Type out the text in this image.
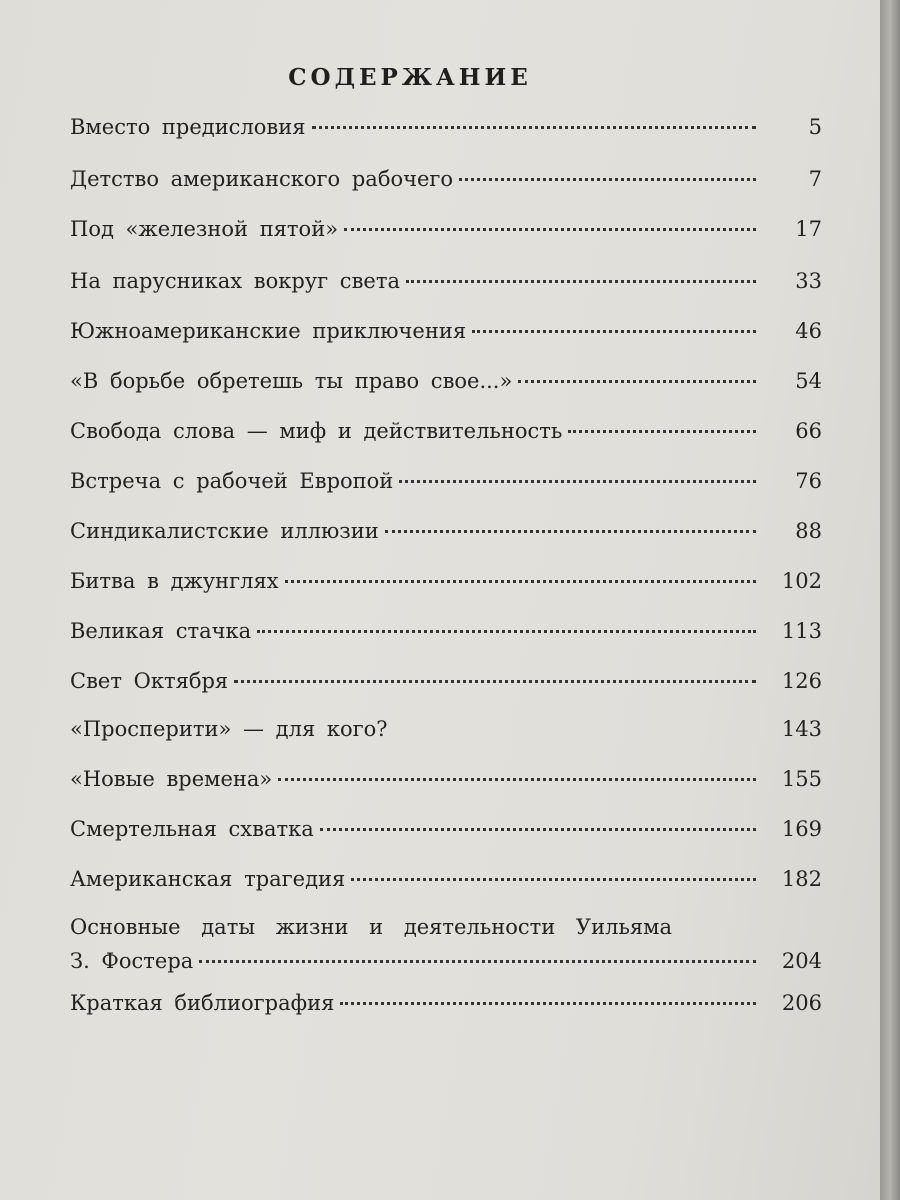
СОДЕРЖАНИЕ
Вместо предисловия	5
Детство американского рабочего	7
Под «железной пятой»	17
На парусниках вокруг света	33
Южноамериканские приключения	46
«В борьбе обретешь ты право свое...»	54
Свобода слова — миф и действительность	66
Встреча с рабочей Европой	76
Синдикалистские иллюзии	88
Битва в джунглях	102
Великая стачка	113
Свет Октября	126
«Просперити» — для кого?	143
«Новые времена»	155
Смертельная схватка	169
Американская трагедия	182
Основные даты жизни и деятельности Уильяма
З. Фостера	204
Краткая библиография	206
